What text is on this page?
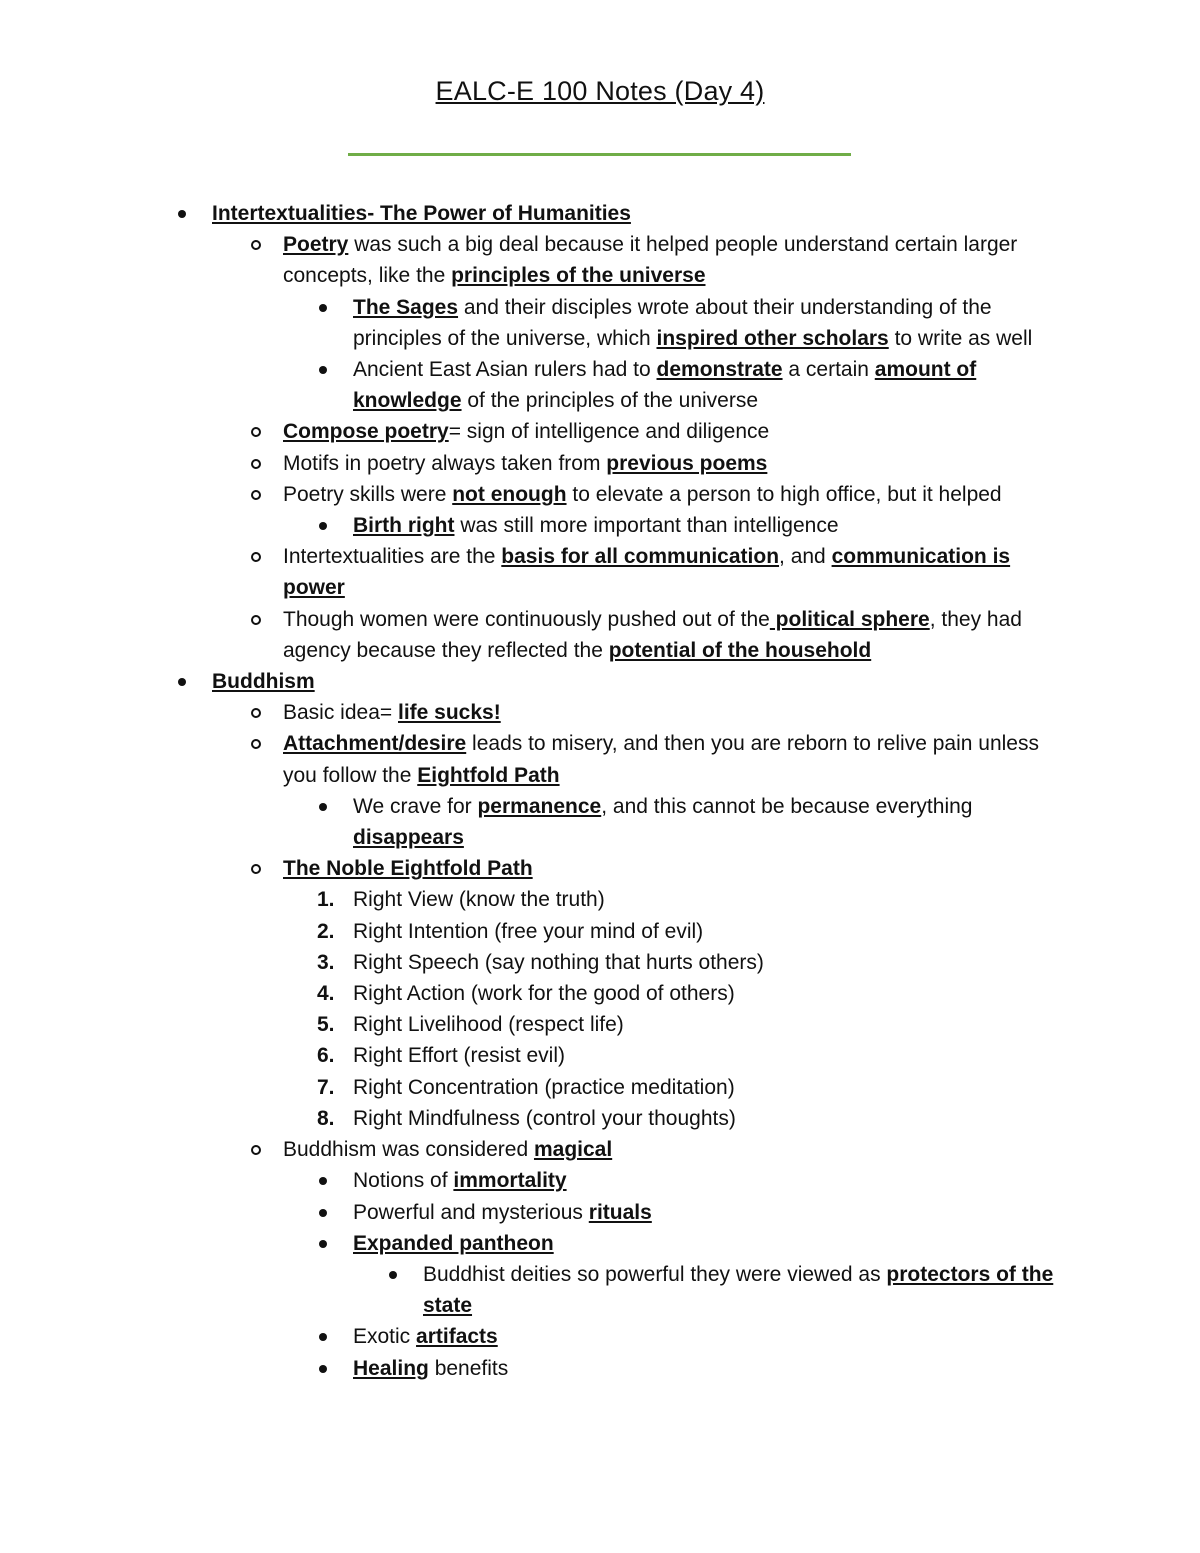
EALC-E 100 Notes (Day 4)
Intertextualities- The Power of Humanities
Poetry was such a big deal because it helped people understand certain larger concepts, like the principles of the universe
The Sages and their disciples wrote about their understanding of the principles of the universe, which inspired other scholars to write as well
Ancient East Asian rulers had to demonstrate a certain amount of knowledge of the principles of the universe
Compose poetry= sign of intelligence and diligence
Motifs in poetry always taken from previous poems
Poetry skills were not enough to elevate a person to high office, but it helped
Birth right was still more important than intelligence
Intertextualities are the basis for all communication, and communication is power
Though women were continuously pushed out of the political sphere, they had agency because they reflected the potential of the household
Buddhism
Basic idea= life sucks!
Attachment/desire leads to misery, and then you are reborn to relive pain unless you follow the Eightfold Path
We crave for permanence, and this cannot be because everything disappears
The Noble Eightfold Path
1. Right View (know the truth)
2. Right Intention (free your mind of evil)
3. Right Speech (say nothing that hurts others)
4. Right Action (work for the good of others)
5. Right Livelihood (respect life)
6. Right Effort (resist evil)
7. Right Concentration (practice meditation)
8. Right Mindfulness (control your thoughts)
Buddhism was considered magical
Notions of immortality
Powerful and mysterious rituals
Expanded pantheon
Buddhist deities so powerful they were viewed as protectors of the state
Exotic artifacts
Healing benefits
